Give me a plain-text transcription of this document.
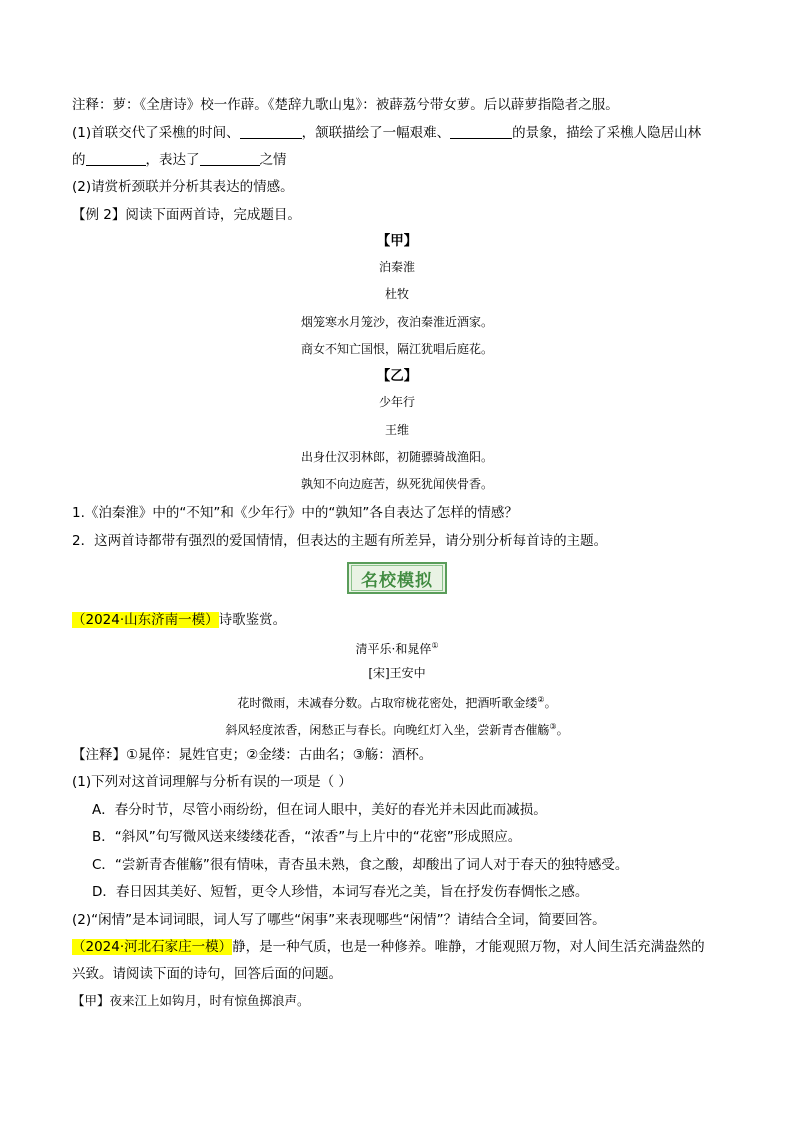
注释：萝：《全唐诗》校一作薜。《楚辞九歌山鬼》：被薜荔兮带女萝。后以薜萝指隐者之服。
(1)首联交代了采樵的时间、	，颔联描绘了一幅艰难、	的景象，描绘了采樵人隐居山林
的	，表达了	之情
(2)请赏析颈联并分析其表达的情感。
【例 2】阅读下面两首诗，完成题目。
【甲】
泊秦淮
杜牧
烟笼寒水月笼沙，夜泊秦淮近酒家。
商女不知亡国恨，隔江犹唱后庭花。
【乙】
少年行
王维
出身仕汉羽林郎，初随骠骑战渔阳。
孰知不向边庭苦，纵死犹闻侠骨香。
1.《泊秦淮》中的“不知”和《少年行》中的“孰知”各自表达了怎样的情感？
2．这两首诗都带有强烈的爱国情情，但表达的主题有所差异，请分别分析每首诗的主题。
名校模拟
（2024·山东济南一模）诗歌鉴赏。
清平乐·和晁倅①
[宋]王安中
花时微雨，未减春分数。占取帘栊花密处，把酒听歌金缕②。
斜风轻度浓香，闲愁正与春长。向晚红灯入坐，尝新青杏催觞③。
【注释】①晁倅：晁姓官吏；②金缕：古曲名；③觞：酒杯。
(1)下列对这首词理解与分析有误的一项是（ ）
A．春分时节，尽管小雨纷纷，但在词人眼中，美好的春光并未因此而减损。
B．“斜风”句写微风送来缕缕花香，“浓香”与上片中的“花密”形成照应。
C．“尝新青杏催觞”很有情味，青杏虽未熟，食之酸，却酸出了词人对于春天的独特感受。
D．春日因其美好、短暂，更令人珍惜，本词写春光之美，旨在抒发伤春惆怅之感。
(2)“闲情”是本词词眼，词人写了哪些“闲事”来表现哪些“闲情”？请结合全词，简要回答。
（2024·河北石家庄一模）静，是一种气质，也是一种修养。唯静，才能观照万物，对人间生活充满盎然的
兴致。请阅读下面的诗句，回答后面的问题。
【甲】夜来江上如钩月，时有惊鱼掷浪声。
